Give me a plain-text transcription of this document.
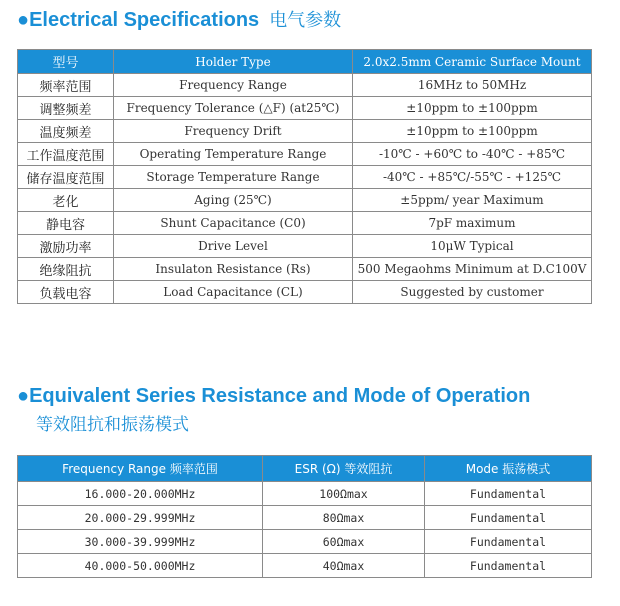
●Electrical Specifications 电气参数
型号	Holder Type	2.0x2.5mm Ceramic Surface Mount
频率范围	Frequency Range	16MHz to 50MHz
调整频差	Frequency Tolerance (△F) (at25℃)	±10ppm to ±100ppm
温度频差	Frequency Drift	±10ppm to ±100ppm
工作温度范围	Operating Temperature Range	-10℃ - +60℃ to -40℃ - +85℃
储存温度范围	Storage Temperature Range	-40℃ - +85℃/-55℃ - +125℃
老化	Aging (25℃)	±5ppm/ year Maximum
静电容	Shunt Capacitance (C0)	7pF maximum
激励功率	Drive Level	10μW Typical
绝缘阻抗	Insulaton Resistance (Rs)	500 Megaohms Minimum at D.C100V
负载电容	Load Capacitance (CL)	Suggested by customer
●Equivalent Series Resistance and Mode of Operation
等效阻抗和振荡模式
Frequency Range 频率范围	ESR (Ω) 等效阻抗	Mode 振荡模式
16.000-20.000MHz	100Ωmax	Fundamental
20.000-29.999MHz	80Ωmax	Fundamental
30.000-39.999MHz	60Ωmax	Fundamental
40.000-50.000MHz	40Ωmax	Fundamental
